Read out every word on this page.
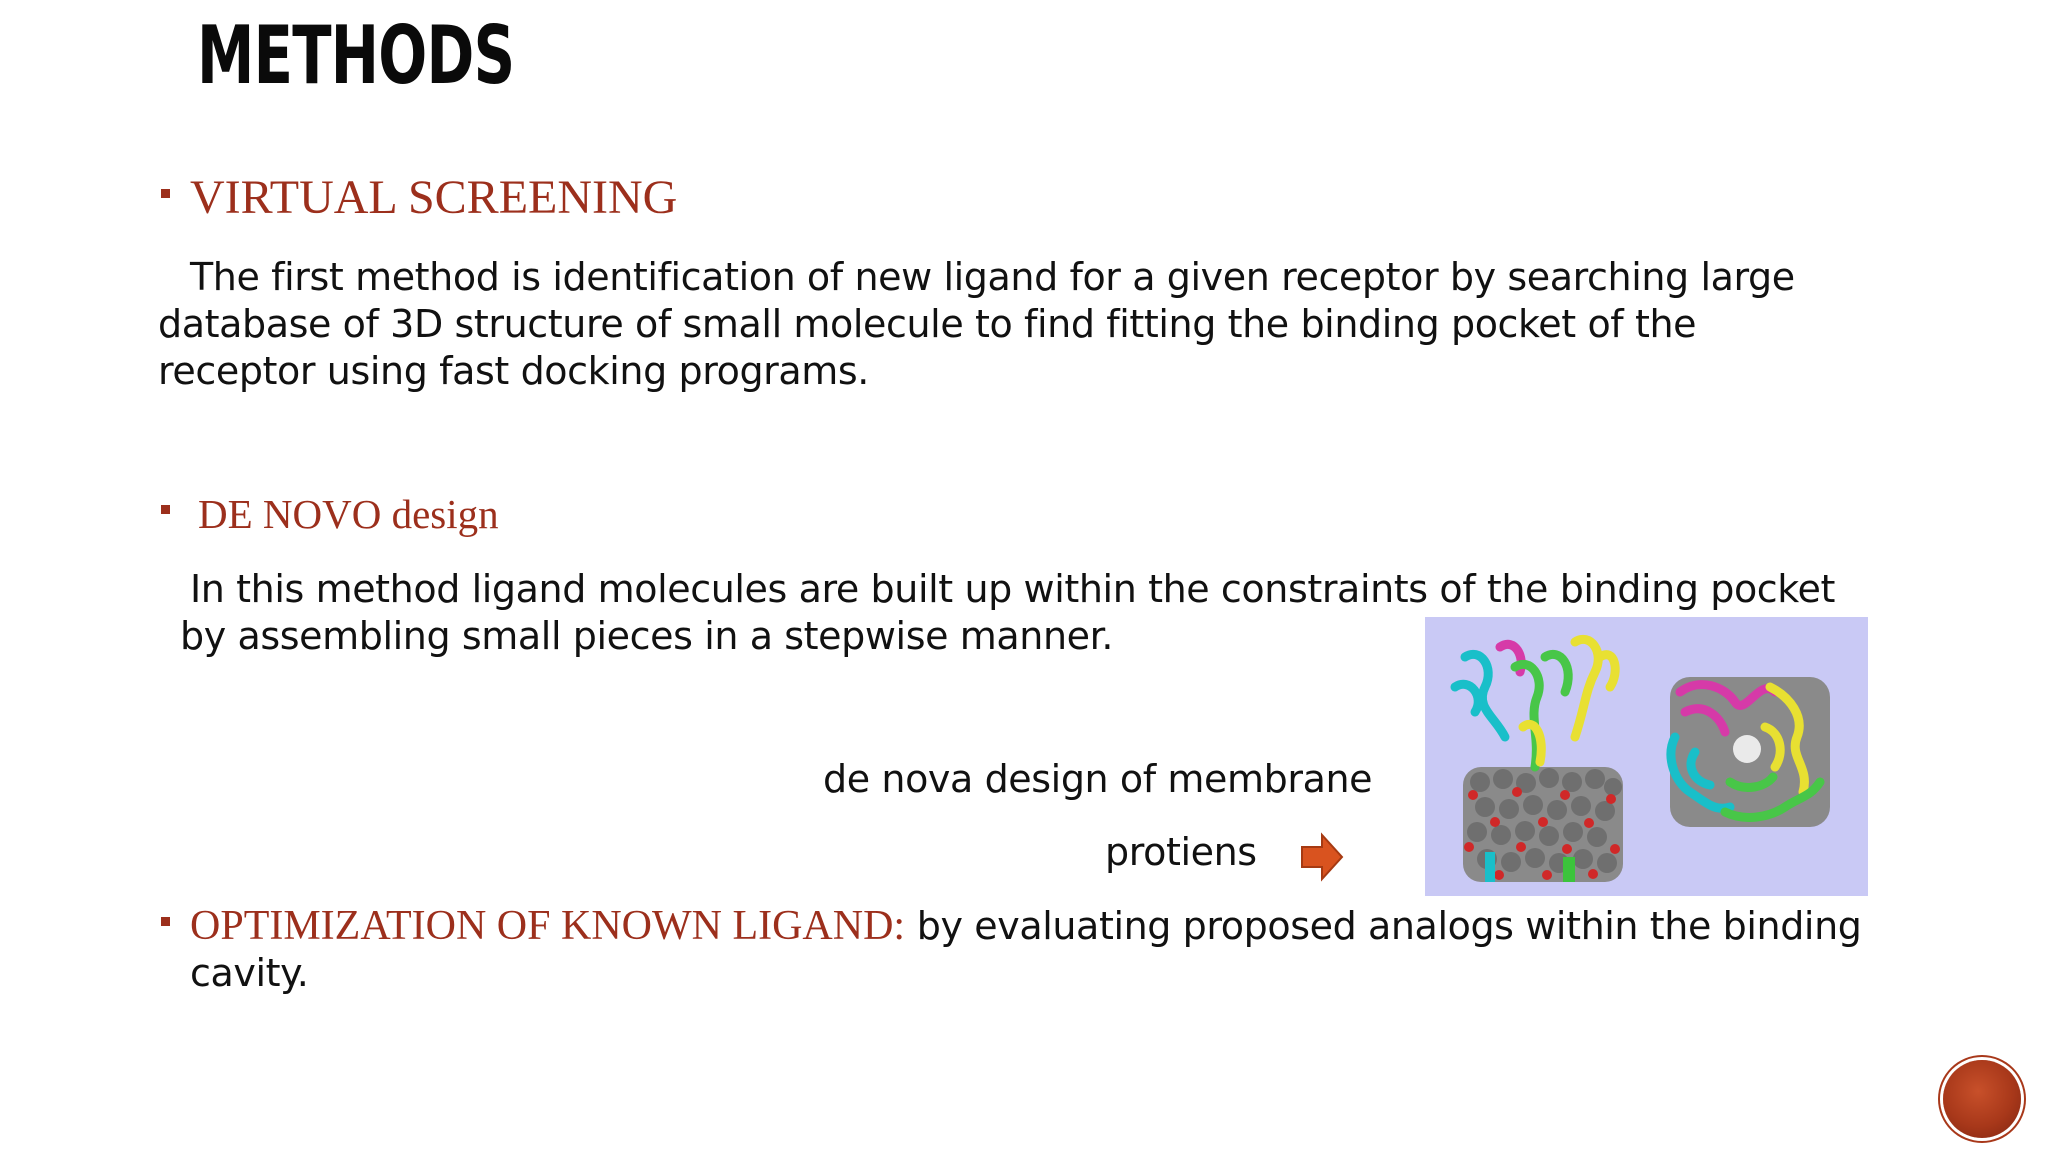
METHODS
VIRTUAL SCREENING
The first method is identification of new ligand for a given receptor by searching large
database of 3D structure of small molecule to find fitting the binding pocket of the
receptor using fast docking programs.
DE NOVO design
In this method ligand molecules are built up within the constraints of the binding pocket
by assembling small pieces in a stepwise manner.
de nova design of membrane
protiens
OPTIMIZATION OF KNOWN LIGAND: by evaluating proposed analogs within the binding
cavity.
